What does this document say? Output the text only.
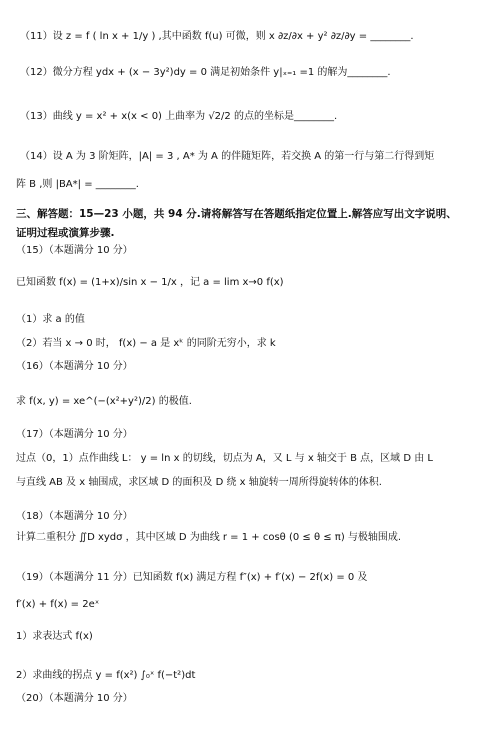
（11）设 z = f ( ln x + 1/y ) ,其中函数 f(u) 可微，则 x ∂z/∂x + y² ∂z/∂y = ________.
（12）微分方程 ydx + (x − 3y²)dy = 0 满足初始条件 y|ₓ₌₁ =1 的解为________.
（13）曲线 y = x² + x(x < 0) 上曲率为 √2/2 的点的坐标是________.
（14）设 A 为 3 阶矩阵，|A| = 3 , A* 为 A 的伴随矩阵，若交换 A 的第一行与第二行得到矩
阵 B ,则 |BA*| = ________.
三、解答题：15—23 小题，共 94 分.请将解答写在答题纸指定位置上.解答应写出文字说明、
证明过程或演算步骤.
（15）（本题满分 10 分）
已知函数 f(x) = (1+x)/sin x − 1/x ，记 a = lim x→0 f(x)
（1）求 a 的值
（2）若当 x → 0 时， f(x) − a 是 xᵏ 的同阶无穷小，求 k
（16）（本题满分 10 分）
求 f(x, y) = xe^(−(x²+y²)/2) 的极值.
（17）（本题满分 10 分）
过点（0，1）点作曲线 L： y = ln x 的切线，切点为 A，又 L 与 x 轴交于 B 点，区域 D 由 L
与直线 AB 及 x 轴围成，求区域 D 的面积及 D 绕 x 轴旋转一周所得旋转体的体积.
（18）（本题满分 10 分）
计算二重积分 ∬D xydσ ，其中区域 D 为曲线 r = 1 + cosθ (0 ≤ θ ≤ π) 与极轴围成.
（19）（本题满分 11 分）已知函数 f(x) 满足方程 f″(x) + f′(x) − 2f(x) = 0 及
f′(x) + f(x) = 2eˣ
1）求表达式 f(x)
2）求曲线的拐点 y = f(x²) ∫₀ˣ f(−t²)dt
（20）（本题满分 10 分）
